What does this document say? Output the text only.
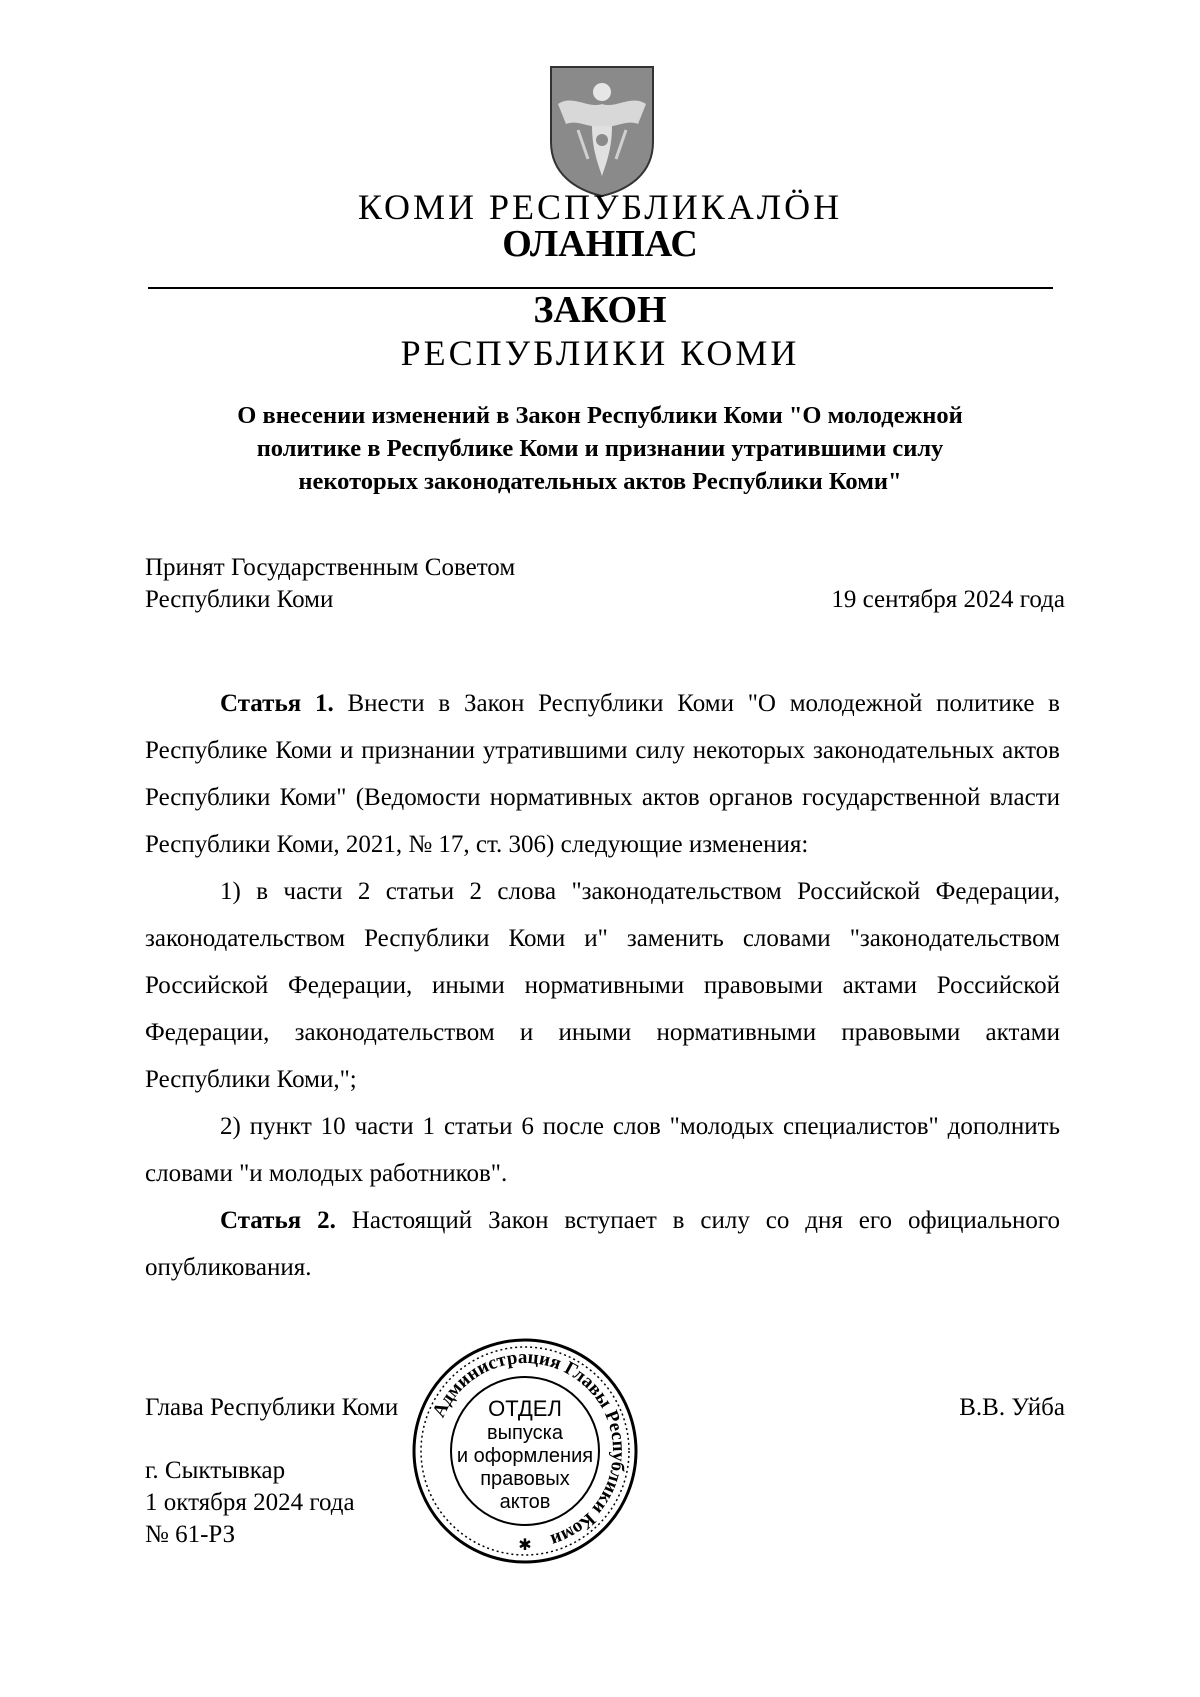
КОМИ РЕСПУБЛИКАЛӦН
ОЛАНПАС
ЗАКОН
РЕСПУБЛИКИ КОМИ
О внесении изменений в Закон Республики Коми "О молодежной
политике в Республике Коми и признании утратившими силу
некоторых законодательных актов Республики Коми"
Принят Государственным Советом
Республики Коми	19 сентября 2024 года

Статья 1. Внести в Закон Республики Коми "О молодежной политике в Республике Коми и признании утратившими силу некоторых законодательных актов Республики Коми" (Ведомости нормативных актов органов государственной власти Республики Коми, 2021, № 17, ст. 306) следующие изменения:

1) в части 2 статьи 2 слова "законодательством Российской Федерации, законодательством Республики Коми и" заменить словами "законодательством Российской Федерации, иными нормативными правовыми актами Российской Федерации, законодательством и иными нормативными правовыми актами Республики Коми,";

2) пункт 10 части 1 статьи 6 после слов "молодых специалистов" дополнить словами "и молодых работников".

Статья 2. Настоящий Закон вступает в силу со дня его официального опубликования.

Глава Республики Коми	В.В. Уйба
г. Сыктывкар
1 октября 2024 года
№ 61-РЗ
Администрация Главы Республики Коми
ОТДЕЛ
выпуска
и оформления
правовых
актов
✱
